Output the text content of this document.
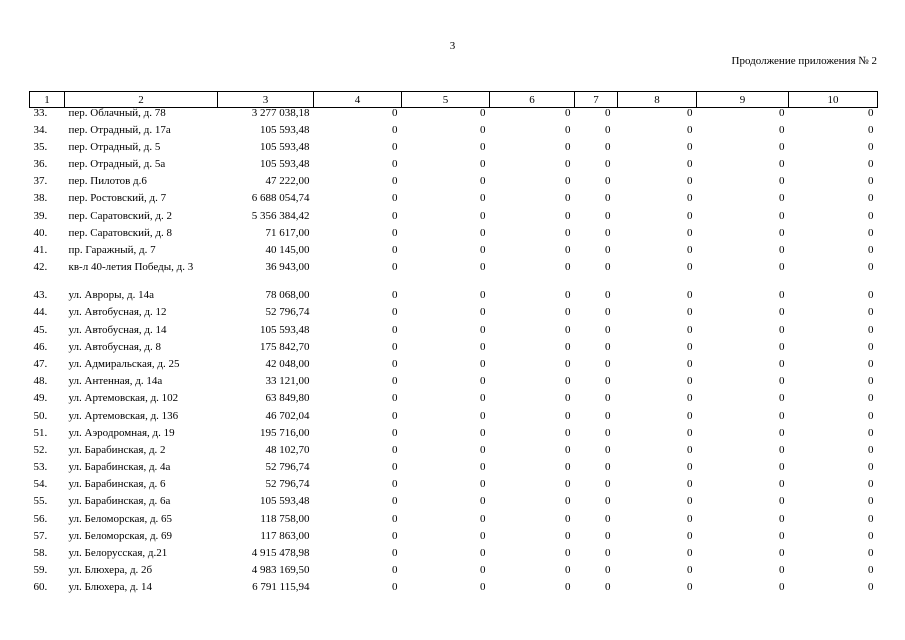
3
Продолжение приложения № 2
1	2	3	4	5	6	7	8	9	10
33.	пер. Облачный, д. 78	3 277 038,18	0	0	0	0	0	0	0
34.	пер. Отрадный, д. 17а	105 593,48	0	0	0	0	0	0	0
35.	пер. Отрадный, д. 5	105 593,48	0	0	0	0	0	0	0
36.	пер. Отрадный, д. 5а	105 593,48	0	0	0	0	0	0	0
37.	пер. Пилотов д.6	47 222,00	0	0	0	0	0	0	0
38.	пер. Ростовский, д. 7	6 688 054,74	0	0	0	0	0	0	0
39.	пер. Саратовский, д. 2	5 356 384,42	0	0	0	0	0	0	0
40.	пер. Саратовский, д. 8	71 617,00	0	0	0	0	0	0	0
41.	пр. Гаражный, д. 7	40 145,00	0	0	0	0	0	0	0
42.	кв-л 40-летия Победы, д. 3	36 943,00	0	0	0	0	0	0	0
43.	ул. Авроры, д. 14а	78 068,00	0	0	0	0	0	0	0
44.	ул. Автобусная, д. 12	52 796,74	0	0	0	0	0	0	0
45.	ул. Автобусная, д. 14	105 593,48	0	0	0	0	0	0	0
46.	ул. Автобусная, д. 8	175 842,70	0	0	0	0	0	0	0
47.	ул. Адмиральская, д. 25	42 048,00	0	0	0	0	0	0	0
48.	ул. Антенная, д. 14а	33 121,00	0	0	0	0	0	0	0
49.	ул. Артемовская, д. 102	63 849,80	0	0	0	0	0	0	0
50.	ул. Артемовская, д. 136	46 702,04	0	0	0	0	0	0	0
51.	ул. Аэродромная, д. 19	195 716,00	0	0	0	0	0	0	0
52.	ул. Барабинская, д. 2	48 102,70	0	0	0	0	0	0	0
53.	ул. Барабинская, д. 4а	52 796,74	0	0	0	0	0	0	0
54.	ул. Барабинская, д. 6	52 796,74	0	0	0	0	0	0	0
55.	ул. Барабинская, д. 6а	105 593,48	0	0	0	0	0	0	0
56.	ул. Беломорская, д. 65	118 758,00	0	0	0	0	0	0	0
57.	ул. Беломорская, д. 69	117 863,00	0	0	0	0	0	0	0
58.	ул. Белорусская, д.21	4 915 478,98	0	0	0	0	0	0	0
59.	ул. Блюхера, д. 2б	4 983 169,50	0	0	0	0	0	0	0
60.	ул. Блюхера, д. 14	6 791 115,94	0	0	0	0	0	0	0
